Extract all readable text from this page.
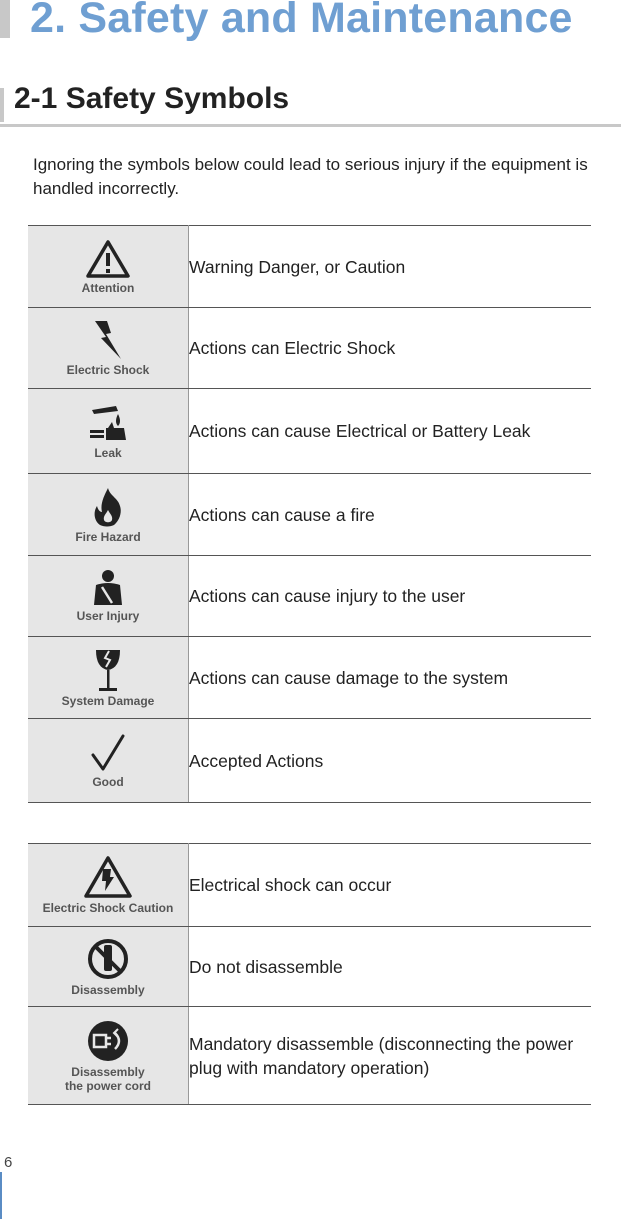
2. Safety and Maintenance
2-1 Safety Symbols

Ignoring the symbols below could lead to serious injury if the equipment is handled incorrectly.

Attention	Warning Danger, or Caution

Electric Shock	Actions can Electric Shock

Leak	Actions can cause Electrical or Battery Leak

Fire Hazard	Actions can cause a fire

User Injury	Actions can cause injury to the user

System Damage	Actions can cause damage to the system

Good	Accepted Actions
Electric Shock Caution	Electrical shock can occur

Disassembly	Do not disassemble

Disassembly
the power cord	Mandatory disassemble (disconnecting the power plug with mandatory operation)
6
